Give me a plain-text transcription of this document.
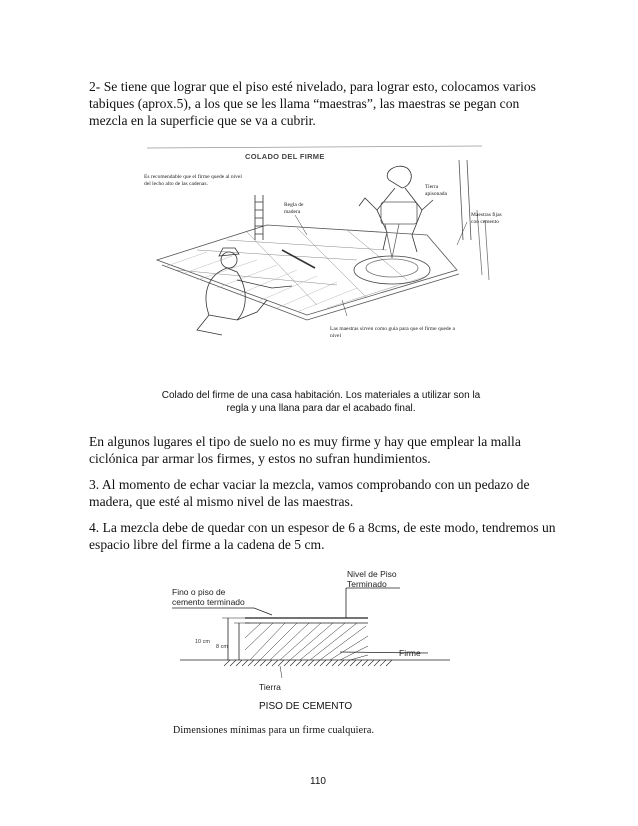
2- Se tiene que lograr que el piso esté nivelado, para lograr esto, colocamos varios tabiques (aprox.5), a los que se les llama “maestras”, las maestras se pegan con mezcla en la superficie que se va a cubrir.

Es recomendable que el firme quede al nivel del lecho alto de las cadenas.
Regla de madera
Tierra apisonada
Maestras fijas con cemento
Las maestras sirven como guía para que el firme quede a nivel
COLADO DEL FIRME

Colado del firme de una casa habitación. Los materiales a utilizar son la regla y una llana para dar el acabado final.

En algunos lugares el tipo de suelo no es muy firme y hay que emplear la malla ciclónica par armar los firmes, y estos no sufran hundimientos.

3. Al momento de echar vaciar la mezcla, vamos comprobando con un pedazo de madera, que esté al mismo nivel de las maestras.

4. La mezcla debe de quedar con un espesor de 6 a 8cms, de este modo, tendremos un espacio libre del firme a la cadena de 5 cm.

Nivel de Piso Terminado
Fino o piso de cemento terminado
10 cm
8 cm
Firme
Tierra
PISO DE CEMENTO
Dimensiones mínimas para un firme cualquiera.
110
